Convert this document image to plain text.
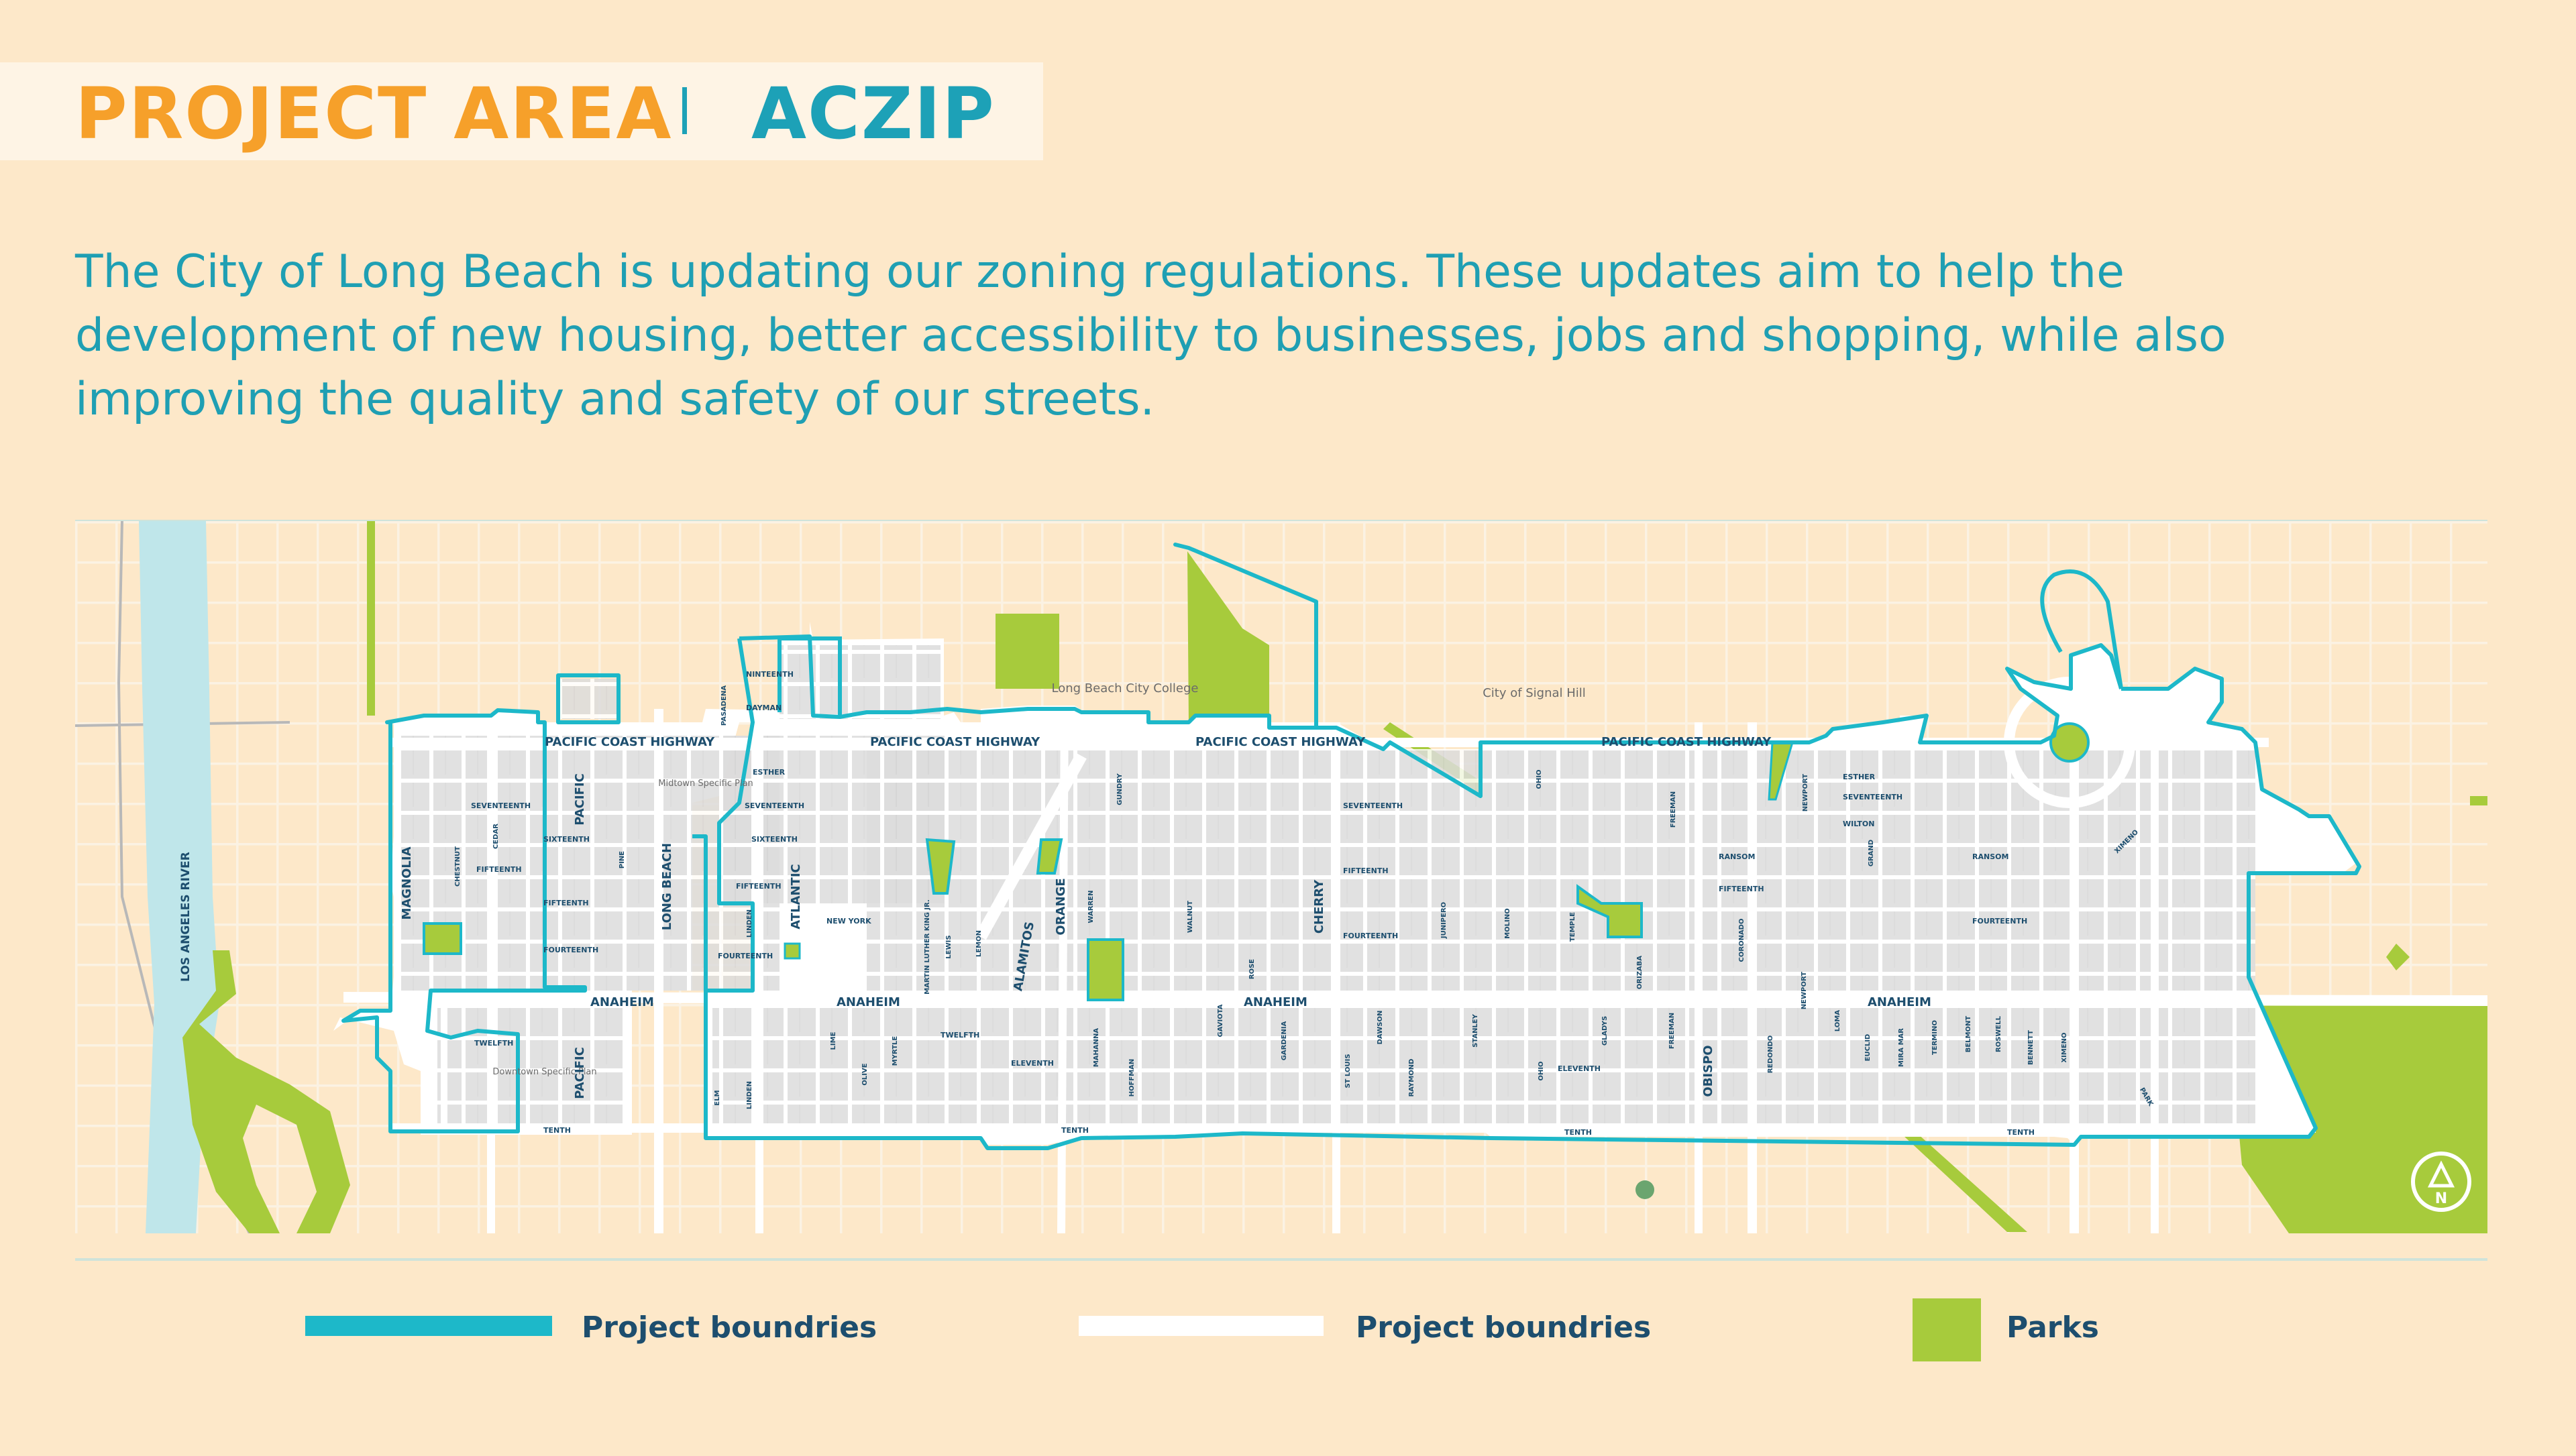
PROJECT AREA ACZIP
The City of Long Beach is updating our zoning regulations. These updates aim to help the development of new housing, better accessibility to businesses, jobs and shopping, while also improving the quality and safety of our streets.
LOS ANGELES RIVER
Long Beach City College	City of Signal Hill
Midtown Specific Plan
Downtown Specific Plan
PACIFIC COAST HIGHWAY	PACIFIC COAST HIGHWAY	PACIFIC COAST HIGHWAY	PACIFIC COAST HIGHWAY
ANAHEIM	ANAHEIM	ANAHEIM	ANAHEIM
MAGNOLIA
PACIFIC
PACIFIC
LONG BEACH	ATLANTIC
ALAMITOS
ORANGE	CHERRY
OBISPO
SEVENTEENTH
SIXTEENTH
FIFTEENTH
FIFTEENTH
FOURTEENTH
TWELFTH
TENTH
NINTEENTH
DAYMAN
ESTHER
SEVENTEENTH
SIXTEENTH
FIFTEENTH
NEW YORK
FOURTEENTH
TWELFTH
ELEVENTH
TENTH
SEVENTEENTH
FIFTEENTH
FOURTEENTH
ELEVENTH
TENTH
ESTHER
SEVENTEENTH
WILTON
RANSOM	RANSOM
FIFTEENTH
FOURTEENTH
TENTH
CHESTNUT
CEDAR
PINE
PASADENA
LINDEN
LINDEN
ELM
LIME
OLIVE
MYRTLE
MARTIN LUTHER KING JR. LEWIS	LEMON
GUNDRY
WARREN	WALNUT
MAHANNA
HOFFMAN
GAVIOTA
ROSE
GARDENIA
ST LOUIS
DAWSON
RAYMOND
JUNIPERO
STANLEY
MOLINO
OHIO
OHIO
TEMPLE
GLADYS
ORIZABA
FREEMAN
FREEMAN
CORONADO
REDONDO
NEWPORT
NEWPORT
GRAND
LOMA
EUCLID	MIRA MAR	TERMINO	BELMONT	ROSWELL	BENNETT
XIMENO
XIMENO
PARK
N
Project boundries	Project boundries	Parks
